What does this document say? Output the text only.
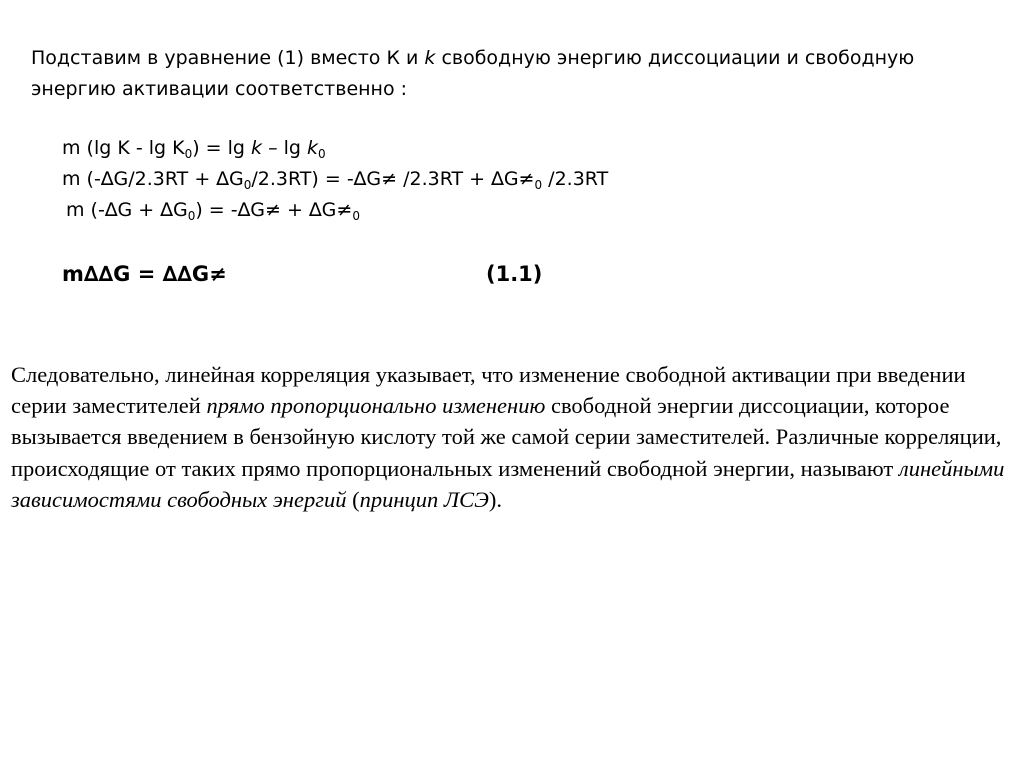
Подставим в уравнение (1) вместо К и k свободную энергию диссоциации и свободную энергию активации соответственно :

m (lg $K - \lg K_0) = \lg k - \lg k_0$
m $(-\Delta G/2.3RT + \Delta G_0/2.3RT) = -\Delta G\ne /2.3RT + \Delta G\ne_0$ /2.3RT
m $(-\Delta G + \Delta G_0) = -\Delta G\ne + \Delta G\ne_0$
m∆∆G = ∆∆G≠	(1.1)

Следовательно, линейная корреляция указывает, что изменение свободной активации при введении серии заместителей прямо пропорционально изменению свободной энергии диссоциации, которое вызывается введением в бензойную кислоту той же самой серии заместителей. Различные корреляции, происходящие от таких прямо пропорциональных изменений свободной энергии, называют линейными зависимостями свободных энергий (принцип ЛСЭ).
